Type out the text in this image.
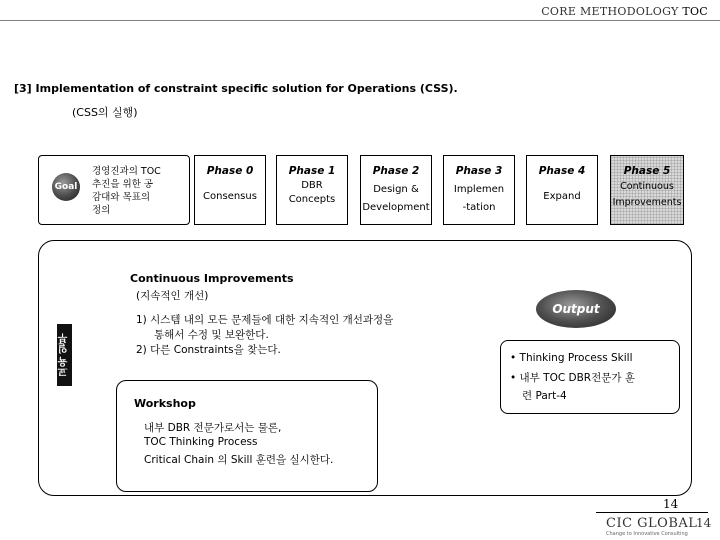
CORE METHODOLOGY TOC
[3] Implementation of constraint specific solution for Operations (CSS).
(CSS의 실행)
Goal
경영진과의 TOC
추진을 위한 공
감대와 목표의
정의
Phase 0
Consensus
Phase 1
DBR
Concepts
Phase 2
Design &
Development
Phase 3
Implemen
-tation
Phase 4
Expand
Phase 5
Continuous
Improvements
교육 일부
Continuous Improvements
(지속적인 개선)
1) 시스템 내의 모든 문제들에 대한 지속적인 개선과정을
통해서 수정 및 보완한다.
2) 다른 Constraints을 찾는다.
Workshop
내부 DBR 전문가로서는 물론,
TOC Thinking Process
Critical Chain 의 Skill 훈련을 실시한다.
Output
• Thinking Process Skill
• 내부 TOC DBR전문가 훈
련 Part-4
14
CIC GLOBAL
Change to Innovative Consulting
14
